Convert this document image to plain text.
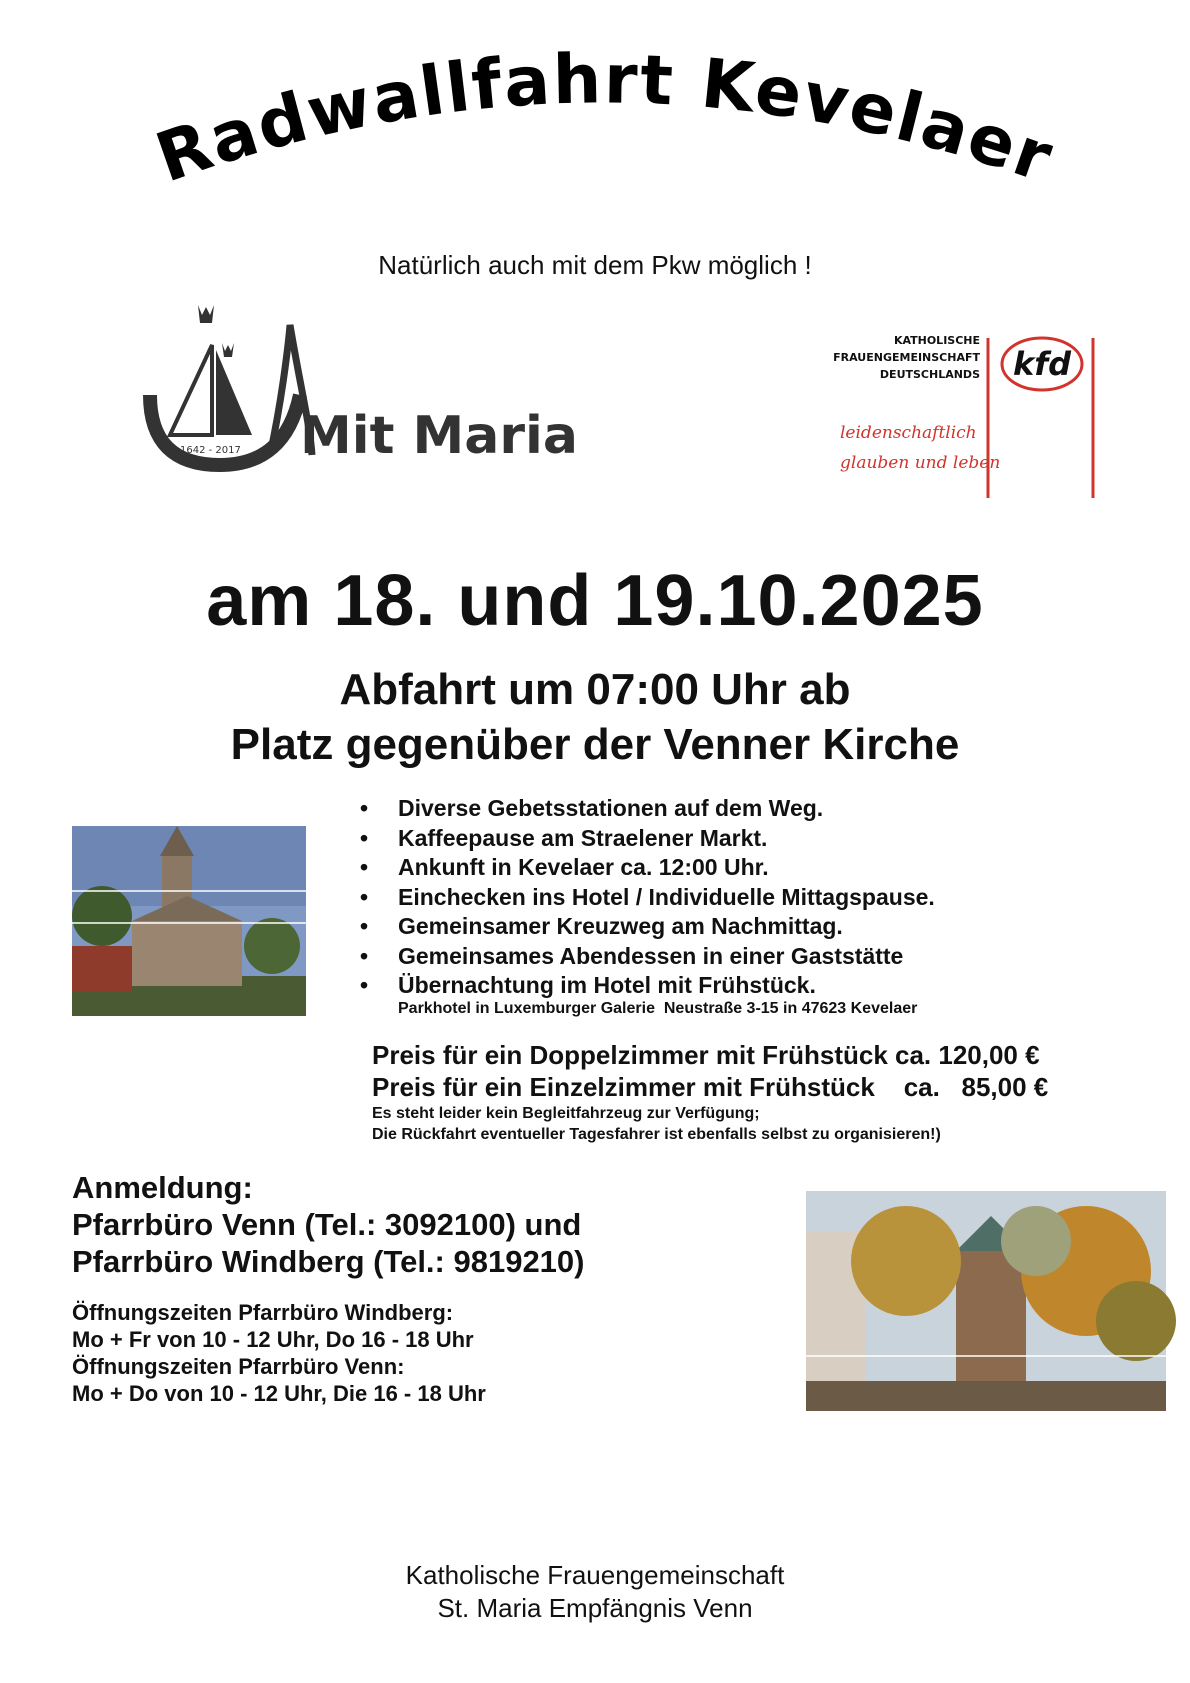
Radwallfahrt Kevelaer
Natürlich auch mit dem Pkw möglich !
1642 - 2017 Mit Maria
KATHOLISCHE
FRAUENGEMEINSCHAFT
DEUTSCHLANDS kfd
leidenschaftlich
glauben und leben
am 18. und 19.10.2025
Abfahrt um 07:00 Uhr ab
Platz gegenüber der Venner Kirche
• Diverse Gebetsstationen auf dem Weg.
• Kaffeepause am Straelener Markt.
• Ankunft in Kevelaer ca. 12:00 Uhr.
• Einchecken ins Hotel / Individuelle Mittagspause.
• Gemeinsamer Kreuzweg am Nachmittag.
• Gemeinsames Abendessen in einer Gaststätte
• Übernachtung im Hotel mit Frühstück.
Parkhotel in Luxemburger Galerie  Neustraße 3-15 in 47623 Kevelaer
Preis für ein Doppelzimmer mit Frühstück ca. 120,00 €
Preis für ein Einzelzimmer mit Frühstück    ca.   85,00 €
Es steht leider kein Begleitfahrzeug zur Verfügung;
Die Rückfahrt eventueller Tagesfahrer ist ebenfalls selbst zu organisieren!)
Anmeldung:
Pfarrbüro Venn (Tel.: 3092100) und
Pfarrbüro Windberg (Tel.: 9819210)
Öffnungszeiten Pfarrbüro Windberg:
Mo + Fr von 10 - 12 Uhr, Do 16 - 18 Uhr
Öffnungszeiten Pfarrbüro Venn:
Mo + Do von 10 - 12 Uhr, Die 16 - 18 Uhr
Katholische Frauengemeinschaft
St. Maria Empfängnis Venn
